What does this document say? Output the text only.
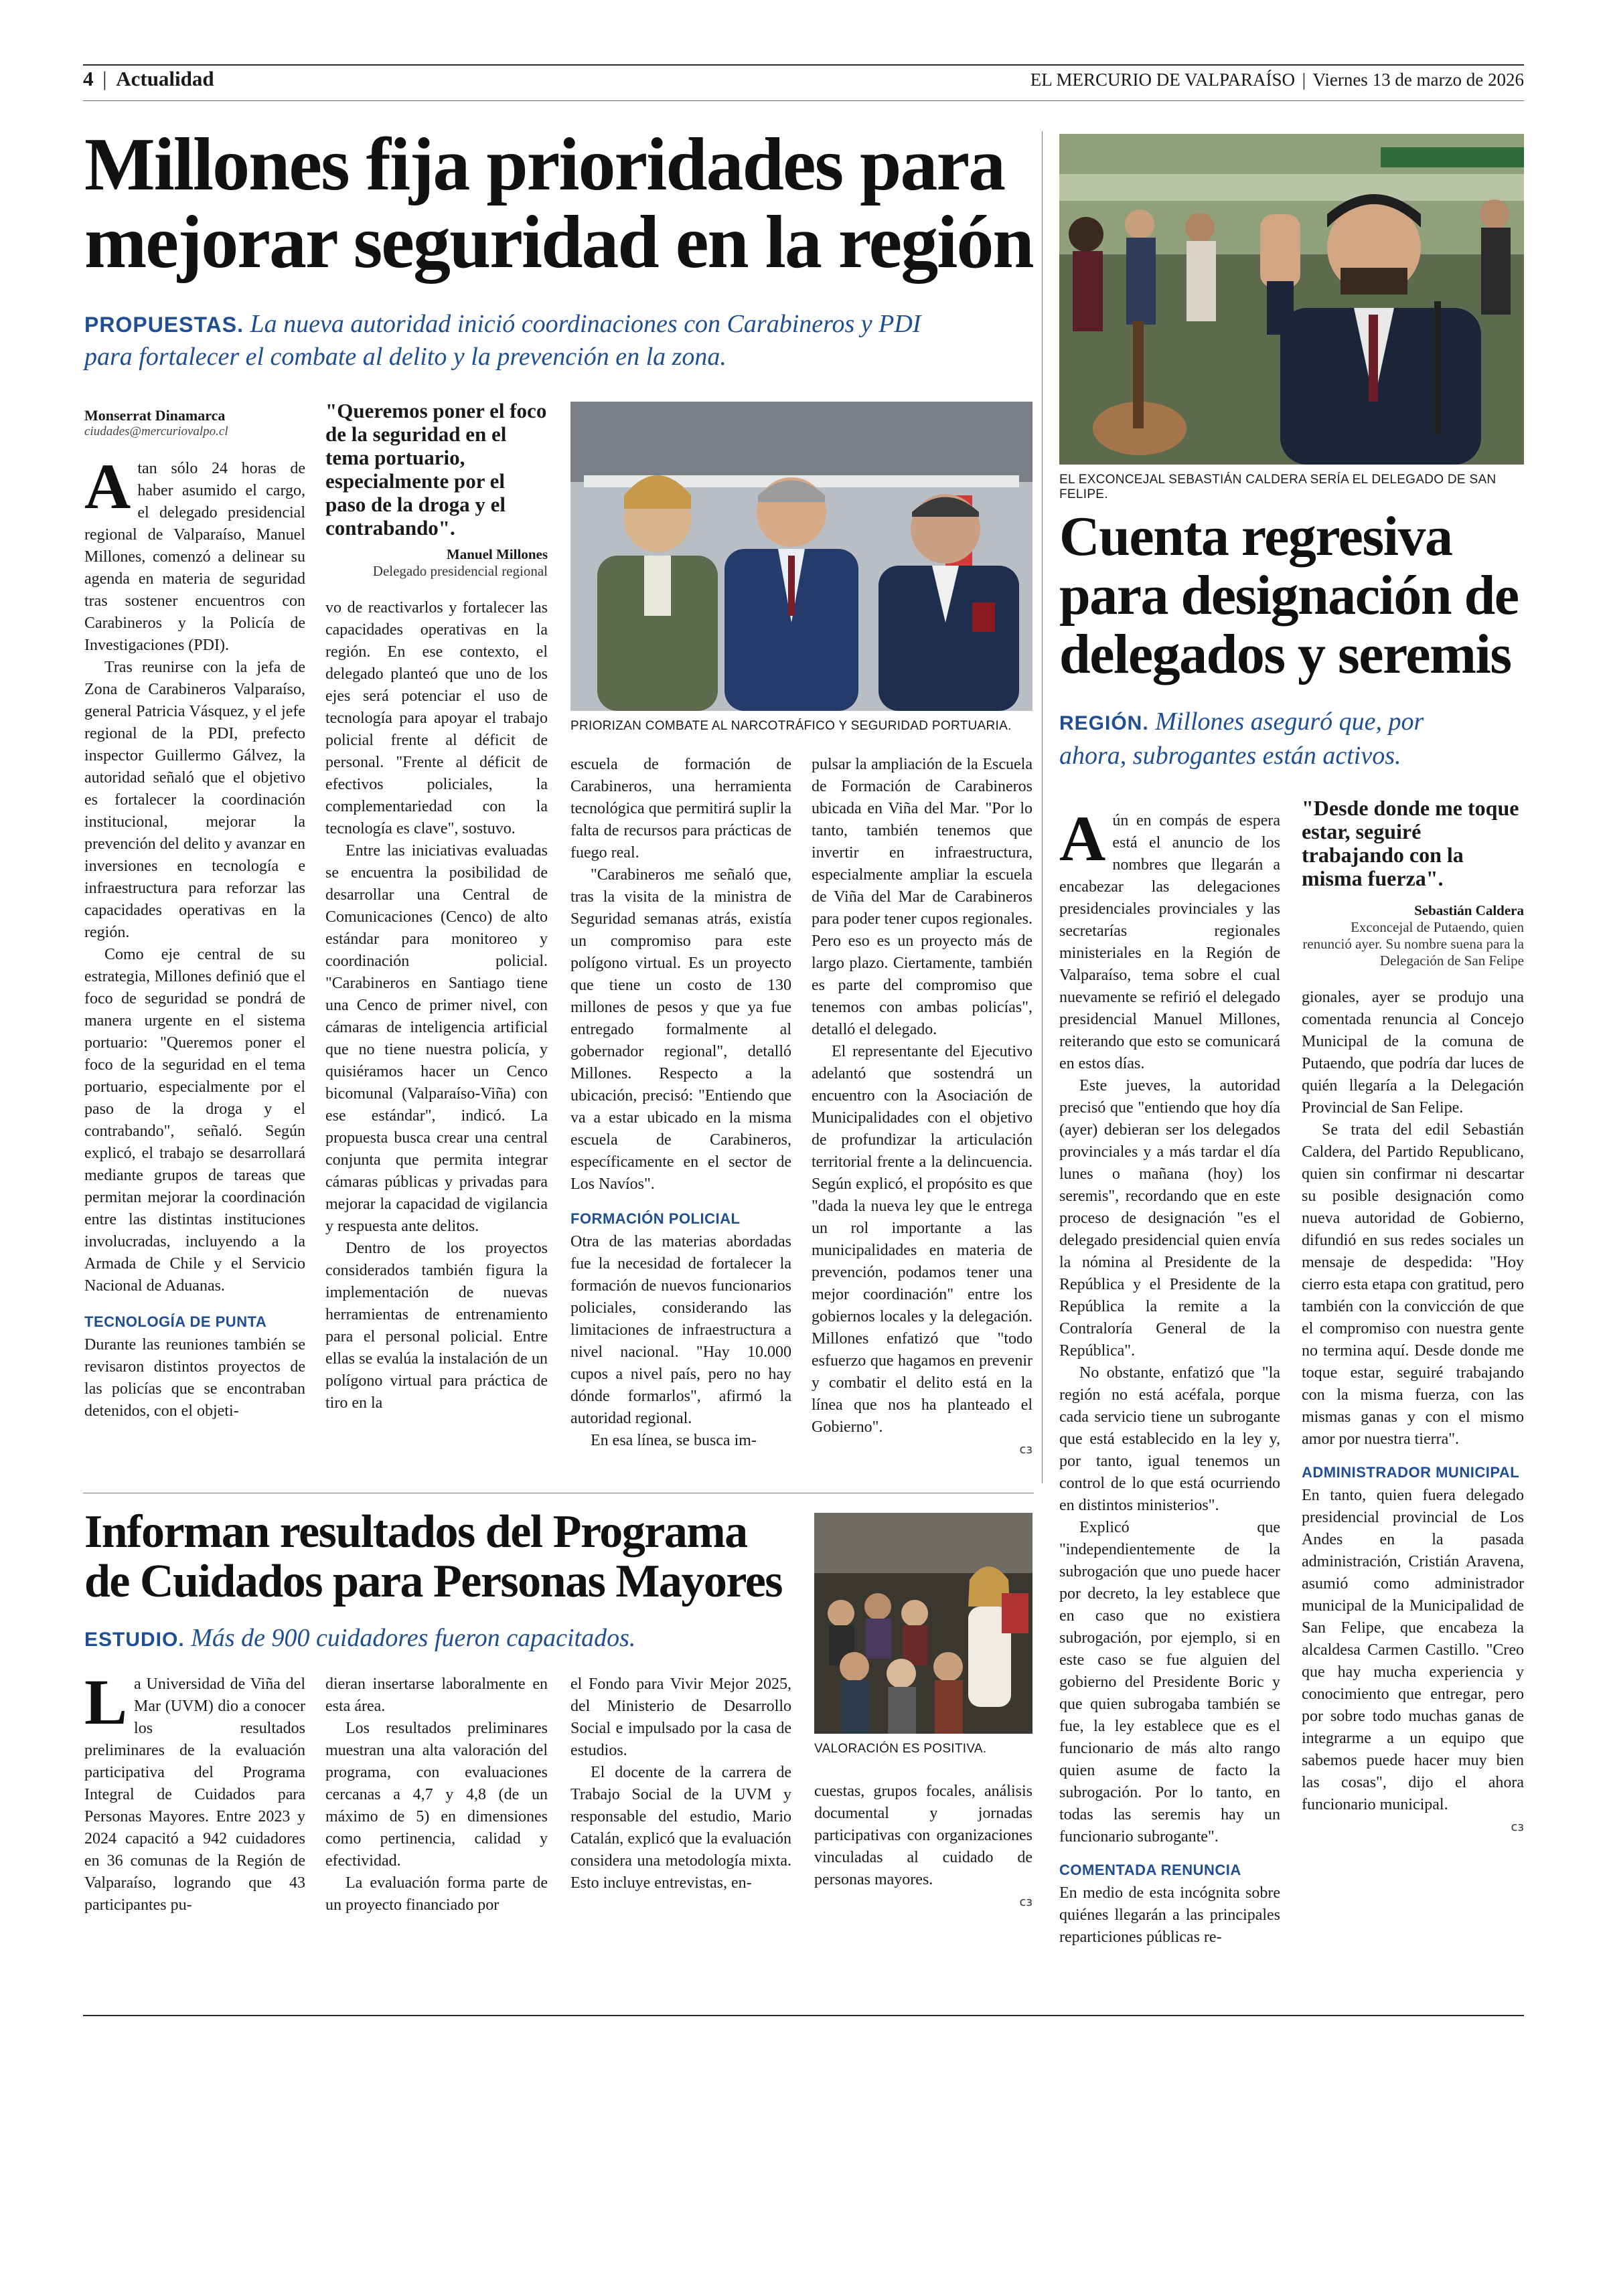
4 | Actualidad	EL MERCURIO DE VALPARAÍSO | Viernes 13 de marzo de 2026
Millones fija prioridades para
mejorar seguridad en la región
PROPUESTAS. La nueva autoridad inició coordinaciones con Carabineros y PDI
para fortalecer el combate al delito y la prevención en la zona.
Monserrat Dinamarca
ciudades@mercuriovalpo.cl

Atan sólo 24 horas de haber asumido el cargo, el delegado presidencial regional de Valparaíso, Manuel Millones, comenzó a delinear su agenda en materia de seguridad tras sostener encuentros con Carabineros y la Policía de Investigaciones (PDI).

Tras reunirse con la jefa de Zona de Carabineros Valparaíso, general Patricia Vásquez, y el jefe regional de la PDI, prefecto inspector Guillermo Gálvez, la autoridad señaló que el objetivo es fortalecer la coordinación institucional, mejorar la prevención del delito y avanzar en inversiones en tecnología e infraestructura para reforzar las capacidades operativas en la región.

Como eje central de su estrategia, Millones definió que el foco de seguridad se pondrá de manera urgente en el sistema portuario: "Queremos poner el foco de la seguridad en el tema portuario, especialmente por el paso de la droga y el contrabando", señaló. Según explicó, el trabajo se desarrollará mediante grupos de tareas que permitan mejorar la coordinación entre las distintas instituciones involucradas, incluyendo a la Armada de Chile y el Servicio Nacional de Aduanas.

TECNOLOGÍA DE PUNTA

Durante las reuniones también se revisaron distintos proyectos de las policías que se encontraban detenidos, con el objeti-

"Queremos poner el foco de la seguridad en el tema portuario, especialmente por el paso de la droga y el contrabando".
Manuel Millones
Delegado presidencial regional

vo de reactivarlos y fortalecer las capacidades operativas en la región. En ese contexto, el delegado planteó que uno de los ejes será potenciar el uso de tecnología para apoyar el trabajo policial frente al déficit de personal. "Frente al déficit de efectivos policiales, la complementariedad con la tecnología es clave", sostuvo.

Entre las iniciativas evaluadas se encuentra la posibilidad de desarrollar una Central de Comunicaciones (Cenco) de alto estándar para monitoreo y coordinación policial. "Carabineros en Santiago tiene una Cenco de primer nivel, con cámaras de inteligencia artificial que no tiene nuestra policía, y quisiéramos hacer un Cenco bicomunal (Valparaíso-Viña) con ese estándar", indicó. La propuesta busca crear una central conjunta que permita integrar cámaras públicas y privadas para mejorar la capacidad de vigilancia y respuesta ante delitos.

Dentro de los proyectos considerados también figura la implementación de nuevas herramientas de entrenamiento para el personal policial. Entre ellas se evalúa la instalación de un polígono virtual para práctica de tiro en la

PRIORIZAN COMBATE AL NARCOTRÁFICO Y SEGURIDAD PORTUARIA.

escuela de formación de Carabineros, una herramienta tecnológica que permitirá suplir la falta de recursos para prácticas de fuego real.

"Carabineros me señaló que, tras la visita de la ministra de Seguridad semanas atrás, existía un compromiso para este polígono virtual. Es un proyecto que tiene un costo de 130 millones de pesos y que ya fue entregado formalmente al gobernador regional", detalló Millones. Respecto a la ubicación, precisó: "Entiendo que va a estar ubicado en la misma escuela de Carabineros, específicamente en el sector de Los Navíos".

FORMACIÓN POLICIAL

Otra de las materias abordadas fue la necesidad de fortalecer la formación de nuevos funcionarios policiales, considerando las limitaciones de infraestructura a nivel nacional. "Hay 10.000 cupos a nivel país, pero no hay dónde formarlos", afirmó la autoridad regional.

En esa línea, se busca im-

pulsar la ampliación de la Escuela de Formación de Carabineros ubicada en Viña del Mar. "Por lo tanto, también tenemos que invertir en infraestructura, especialmente ampliar la escuela de Viña del Mar de Carabineros para poder tener cupos regionales. Pero eso es un proyecto más de largo plazo. Ciertamente, también es parte del compromiso que tenemos con ambas policías", detalló el delegado.

El representante del Ejecutivo adelantó que sostendrá un encuentro con la Asociación de Municipalidades con el objetivo de profundizar la articulación territorial frente a la delincuencia. Según explicó, el propósito es que "dada la nueva ley que le entrega un rol importante a las municipalidades en materia de prevención, podamos tener una mejor coordinación" entre los gobiernos locales y la delegación. Millones enfatizó que "todo esfuerzo que hagamos en prevenir y combatir el delito está en la línea que nos ha planteado el Gobierno".

cз
EL EXCONCEJAL SEBASTIÁN CALDERA SERÍA EL DELEGADO DE SAN FELIPE.
Cuenta regresiva
para designación de
delegados y seremis
REGIÓN. Millones aseguró que, por
ahora, subrogantes están activos.

Aún en compás de espera está el anuncio de los nombres que llegarán a encabezar las delegaciones presidenciales provinciales y las secretarías regionales ministeriales en la Región de Valparaíso, tema sobre el cual nuevamente se refirió el delegado presidencial Manuel Millones, reiterando que esto se comunicará en estos días.

Este jueves, la autoridad precisó que "entiendo que hoy día (ayer) debieran ser los delegados provinciales y a más tardar el día lunes o mañana (hoy) los seremis", recordando que en este proceso de designación "es el delegado presidencial quien envía la nómina al Presidente de la República y el Presidente de la República la remite a la Contraloría General de la República".

No obstante, enfatizó que "la región no está acéfala, porque cada servicio tiene un subrogante que está establecido en la ley y, por tanto, igual tenemos un control de lo que está ocurriendo en distintos ministerios".

Explicó que "independientemente de la subrogación que uno puede hacer por decreto, la ley establece que en caso que no existiera subrogación, por ejemplo, si en este caso se fue alguien del gobierno del Presidente Boric y que quien subrogaba también se fue, la ley establece que es el funcionario de más alto rango quien asume de facto la subrogación. Por lo tanto, en todas las seremis hay un funcionario subrogante".

COMENTADA RENUNCIA

En medio de esta incógnita sobre quiénes llegarán a las principales reparticiones públicas re-

"Desde donde me toque estar, seguiré trabajando con la misma fuerza".
Sebastián Caldera
Exconcejal de Putaendo, quien renunció ayer. Su nombre suena para la Delegación de San Felipe

gionales, ayer se produjo una comentada renuncia al Concejo Municipal de la comuna de Putaendo, que podría dar luces de quién llegaría a la Delegación Provincial de San Felipe.

Se trata del edil Sebastián Caldera, del Partido Republicano, quien sin confirmar ni descartar su posible designación como nueva autoridad de Gobierno, difundió en sus redes sociales un mensaje de despedida: "Hoy cierro esta etapa con gratitud, pero también con la convicción de que el compromiso con nuestra gente no termina aquí. Desde donde me toque estar, seguiré trabajando con la misma fuerza, con las mismas ganas y con el mismo amor por nuestra tierra".

ADMINISTRADOR MUNICIPAL

En tanto, quien fuera delegado presidencial provincial de Los Andes en la pasada administración, Cristián Aravena, asumió como administrador municipal de la Municipalidad de San Felipe, que encabeza la alcaldesa Carmen Castillo. "Creo que hay mucha experiencia y conocimiento que entregar, pero por sobre todo muchas ganas de integrarme a un equipo que sabemos puede hacer muy bien las cosas", dijo el ahora funcionario municipal.

cз
Informan resultados del Programa
de Cuidados para Personas Mayores
ESTUDIO. Más de 900 cuidadores fueron capacitados.

La Universidad de Viña del Mar (UVM) dio a conocer los resultados preliminares de la evaluación participativa del Programa Integral de Cuidados para Personas Mayores. Entre 2023 y 2024 capacitó a 942 cuidadores en 36 comunas de la Región de Valparaíso, logrando que 43 participantes pu-

dieran insertarse laboralmente en esta área.

Los resultados preliminares muestran una alta valoración del programa, con evaluaciones cercanas a 4,7 y 4,8 (de un máximo de 5) en dimensiones como pertinencia, calidad y efectividad.

La evaluación forma parte de un proyecto financiado por

el Fondo para Vivir Mejor 2025, del Ministerio de Desarrollo Social e impulsado por la casa de estudios.

El docente de la carrera de Trabajo Social de la UVM y responsable del estudio, Mario Catalán, explicó que la evaluación considera una metodología mixta. Esto incluye entrevistas, en-

VALORACIÓN ES POSITIVA.

cuestas, grupos focales, análisis documental y jornadas participativas con organizaciones vinculadas al cuidado de personas mayores.

cз
